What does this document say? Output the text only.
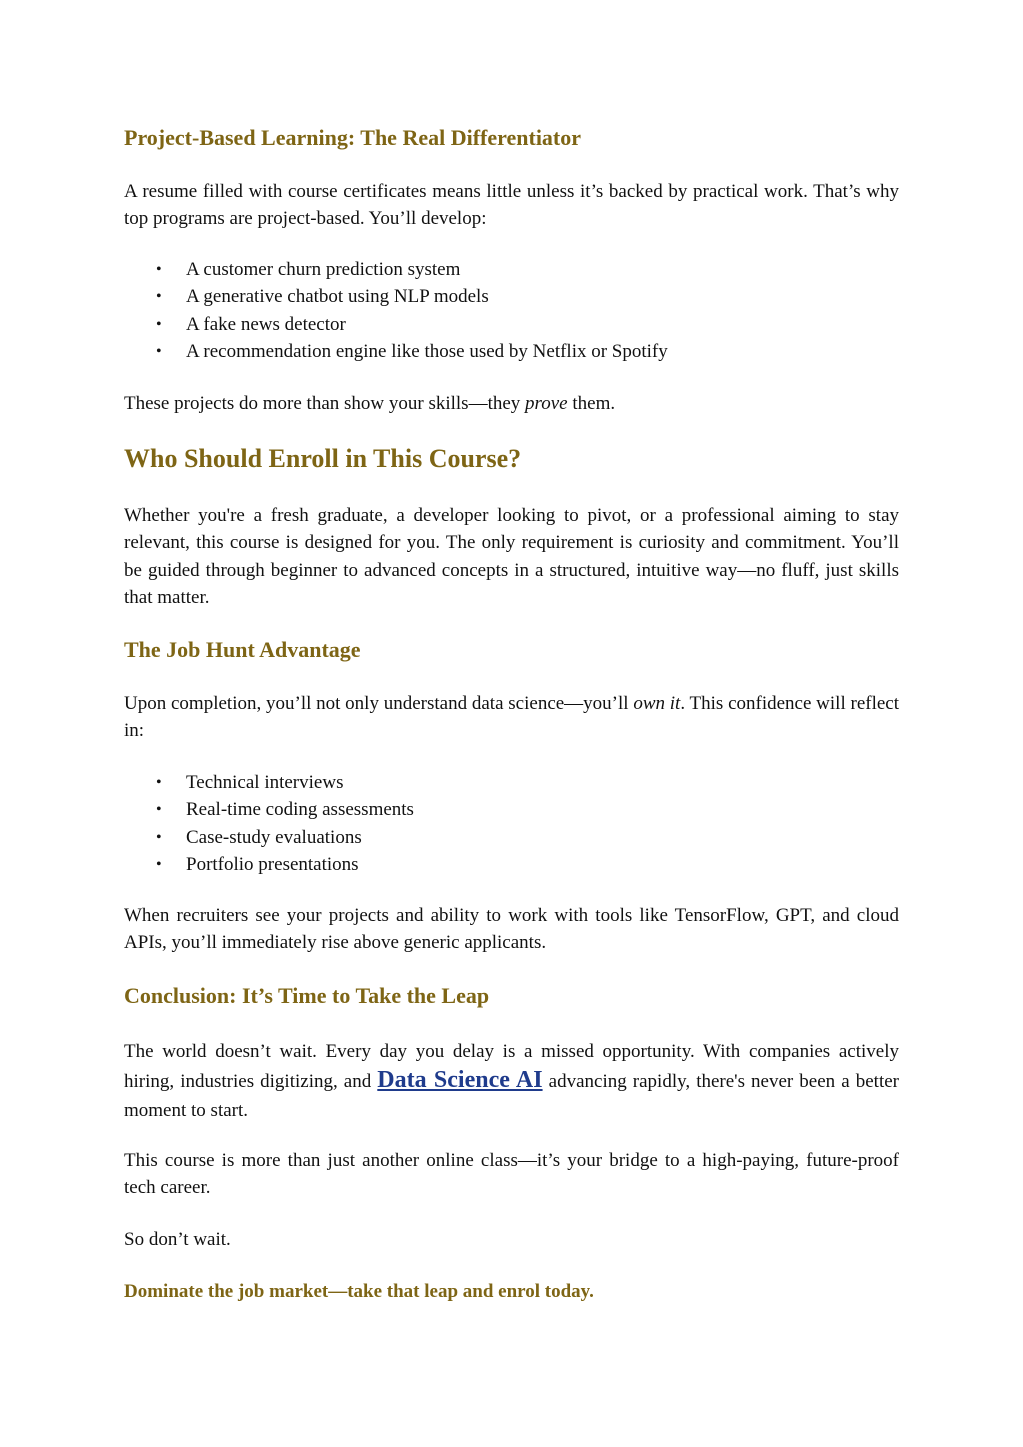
Project-Based Learning: The Real Differentiator

A resume filled with course certificates means little unless it’s backed by practical work. That’s why top programs are project-based. You’ll develop:

• A customer churn prediction system
• A generative chatbot using NLP models
• A fake news detector
• A recommendation engine like those used by Netflix or Spotify

These projects do more than show your skills—they prove them.

Who Should Enroll in This Course?

Whether you're a fresh graduate, a developer looking to pivot, or a professional aiming to stay relevant, this course is designed for you. The only requirement is curiosity and commitment. You’ll be guided through beginner to advanced concepts in a structured, intuitive way—no fluff, just skills that matter.

The Job Hunt Advantage

Upon completion, you’ll not only understand data science—you’ll own it. This confidence will reflect in:

• Technical interviews
• Real-time coding assessments
• Case-study evaluations
• Portfolio presentations

When recruiters see your projects and ability to work with tools like TensorFlow, GPT, and cloud APIs, you’ll immediately rise above generic applicants.

Conclusion: It’s Time to Take the Leap

The world doesn’t wait. Every day you delay is a missed opportunity. With companies actively hiring, industries digitizing, and Data Science AI advancing rapidly, there's never been a better moment to start.

This course is more than just another online class—it’s your bridge to a high-paying, future-proof tech career.

So don’t wait.

Dominate the job market—take that leap and enrol today.
